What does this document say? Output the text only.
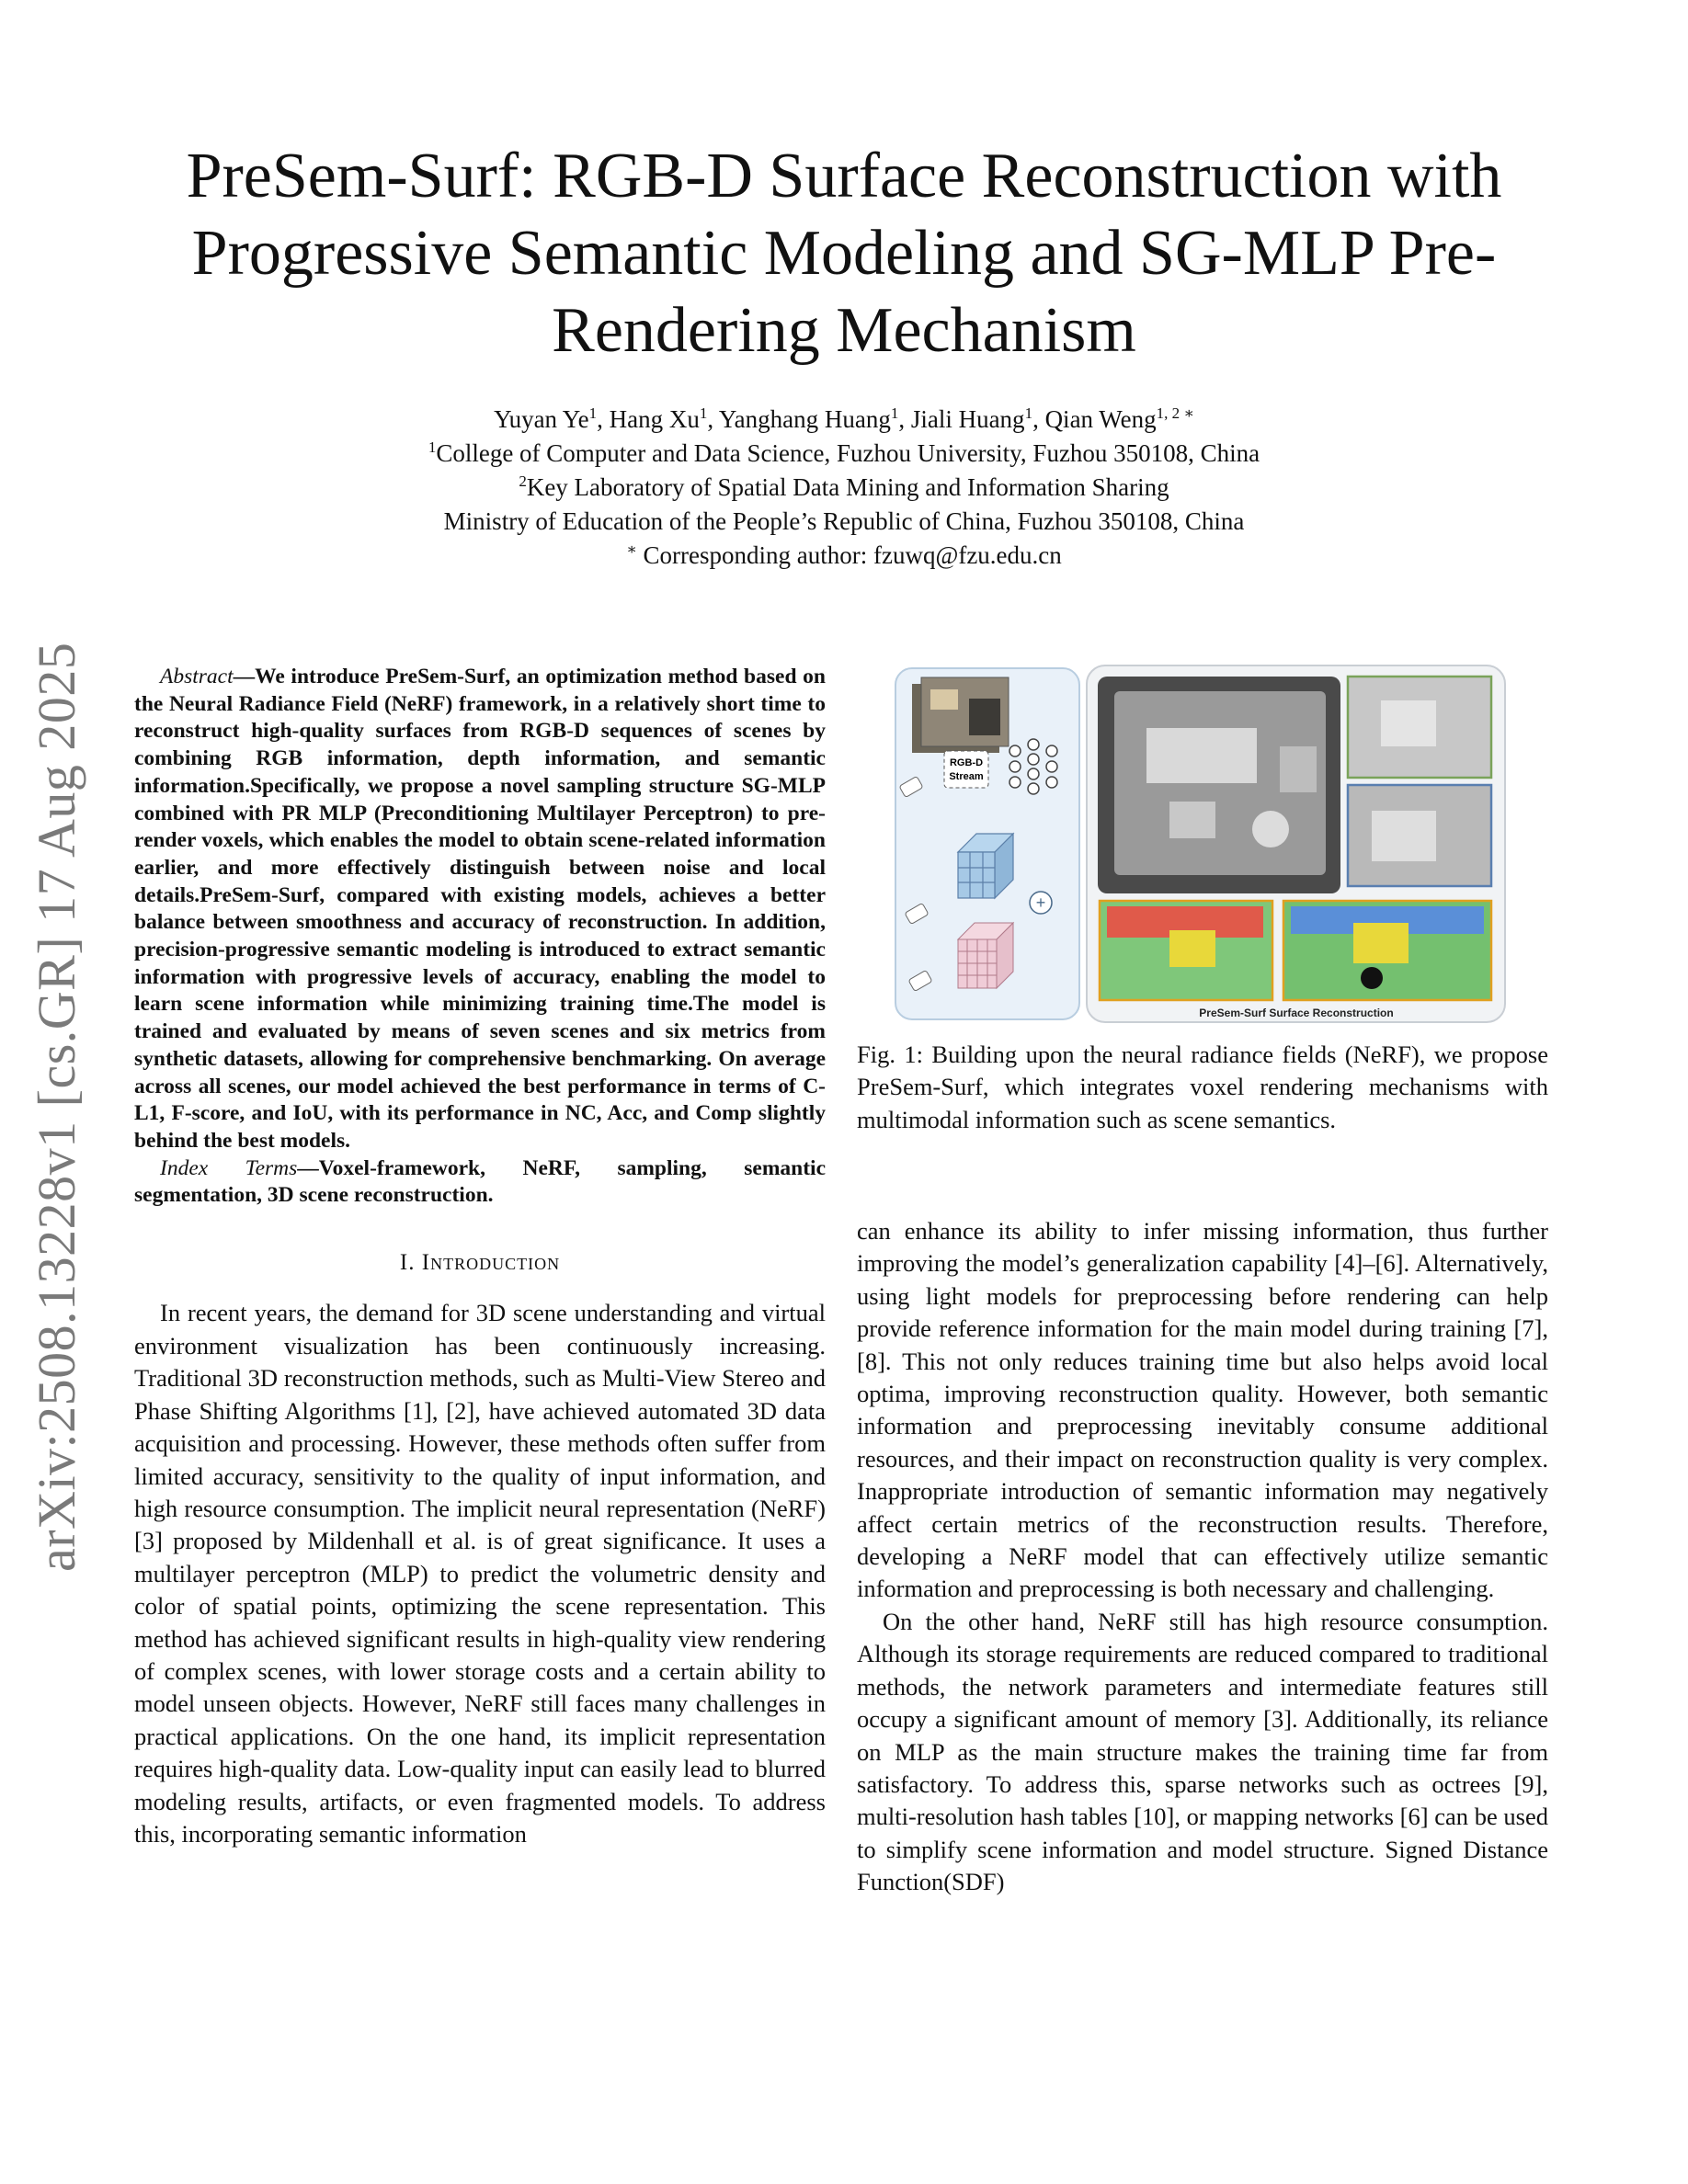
arXiv:2508.13228v1 [cs.GR] 17 Aug 2025
PreSem-Surf: RGB-D Surface Reconstruction with Progressive Semantic Modeling and SG-MLP Pre-Rendering Mechanism
Yuyan Ye$^1$, Hang Xu$^1$, Yanghang Huang$^1$, Jiali Huang$^1$, Qian Weng$^{1, 2 ∗}$
$^1$College of Computer and Data Science, Fuzhou University, Fuzhou 350108, China
$^2$Key Laboratory of Spatial Data Mining and Information Sharing
Ministry of Education of the People’s Republic of China, Fuzhou 350108, China
∗ Corresponding author: fzuwq@fzu.edu.cn

Abstract—We introduce PreSem-Surf, an optimization method based on the Neural Radiance Field (NeRF) framework, in a relatively short time to reconstruct high-quality surfaces from RGB-D sequences of scenes by combining RGB information, depth information, and semantic information.Specifically, we propose a novel sampling structure SG-MLP combined with PR MLP (Preconditioning Multilayer Perceptron) to pre-render voxels, which enables the model to obtain scene-related information earlier, and more effectively distinguish between noise and local details.PreSem-Surf, compared with existing models, achieves a better balance between smoothness and accuracy of reconstruction. In addition, precision-progressive semantic modeling is introduced to extract semantic information with progressive levels of accuracy, enabling the model to learn scene information while minimizing training time.The model is trained and evaluated by means of seven scenes and six metrics from synthetic datasets, allowing for comprehensive benchmarking. On average across all scenes, our model achieved the best performance in terms of C-L1, F-score, and IoU, with its performance in NC, Acc, and Comp slightly behind the best models.

Index Terms—Voxel-framework, NeRF, sampling, semantic segmentation, 3D scene reconstruction.

I. Introduction

In recent years, the demand for 3D scene understanding and virtual environment visualization has been continuously increasing. Traditional 3D reconstruction methods, such as Multi-View Stereo and Phase Shifting Algorithms [1], [2], have achieved automated 3D data acquisition and processing. However, these methods often suffer from limited accuracy, sensitivity to the quality of input information, and high resource consumption. The implicit neural representation (NeRF) [3] proposed by Mildenhall et al. is of great significance. It uses a multilayer perceptron (MLP) to predict the volumetric density and color of spatial points, optimizing the scene representation. This method has achieved significant results in high-quality view rendering of complex scenes, with lower storage costs and a certain ability to model unseen objects. However, NeRF still faces many challenges in practical applications. On the one hand, its implicit representation requires high-quality data. Low-quality input can easily lead to blurred modeling results, artifacts, or even fragmented models. To address this, incorporating semantic information

RGB-D
Stream
+
PreSem-Surf Surface Reconstruction
Fig. 1: Building upon the neural radiance fields (NeRF), we propose PreSem-Surf, which integrates voxel rendering mechanisms with multimodal information such as scene semantics.

can enhance its ability to infer missing information, thus further improving the model’s generalization capability [4]–[6]. Alternatively, using light models for preprocessing before rendering can help provide reference information for the main model during training [7], [8]. This not only reduces training time but also helps avoid local optima, improving reconstruction quality. However, both semantic information and preprocessing inevitably consume additional resources, and their impact on reconstruction quality is very complex. Inappropriate introduction of semantic information may negatively affect certain metrics of the reconstruction results. Therefore, developing a NeRF model that can effectively utilize semantic information and preprocessing is both necessary and challenging.

On the other hand, NeRF still has high resource consumption. Although its storage requirements are reduced compared to traditional methods, the network parameters and intermediate features still occupy a significant amount of memory [3]. Additionally, its reliance on MLP as the main structure makes the training time far from satisfactory. To address this, sparse networks such as octrees [9], multi-resolution hash tables [10], or mapping networks [6] can be used to simplify scene information and model structure. Signed Distance Function(SDF)
